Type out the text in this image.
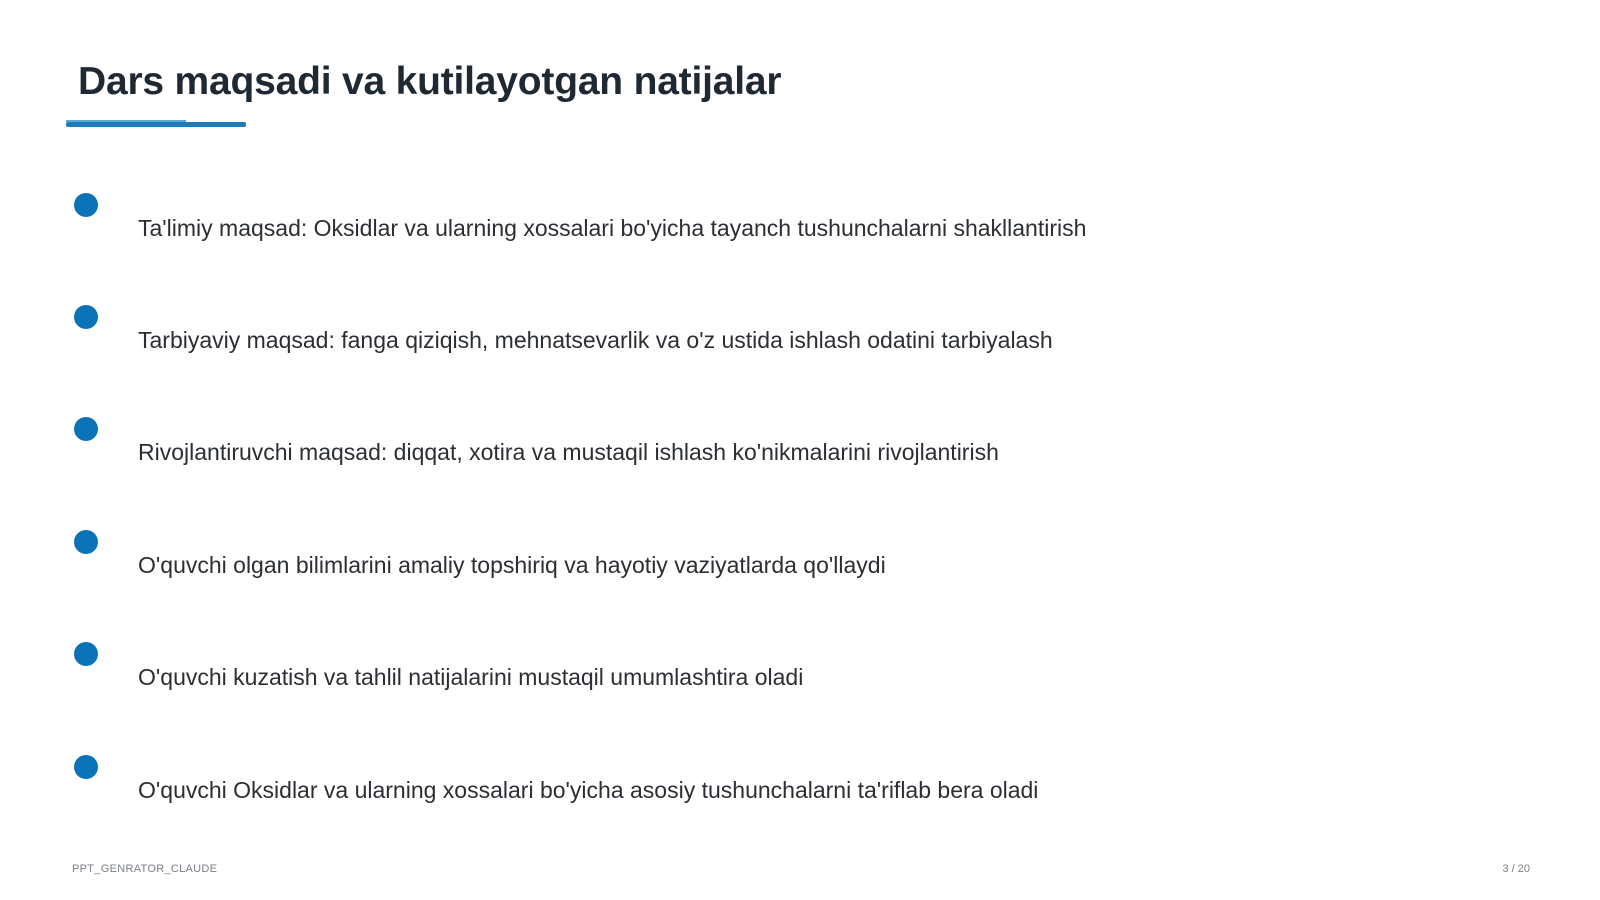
Dars maqsadi va kutilayotgan natijalar
Ta'limiy maqsad: Oksidlar va ularning xossalari bo'yicha tayanch tushunchalarni shakllantirish
Tarbiyaviy maqsad: fanga qiziqish, mehnatsevarlik va o'z ustida ishlash odatini tarbiyalash
Rivojlantiruvchi maqsad: diqqat, xotira va mustaqil ishlash ko'nikmalarini rivojlantirish
O'quvchi olgan bilimlarini amaliy topshiriq va hayotiy vaziyatlarda qo'llaydi
O'quvchi kuzatish va tahlil natijalarini mustaqil umumlashtira oladi
O'quvchi Oksidlar va ularning xossalari bo'yicha asosiy tushunchalarni ta'riflab bera oladi
PPT_GENRATOR_CLAUDE	3 / 20
